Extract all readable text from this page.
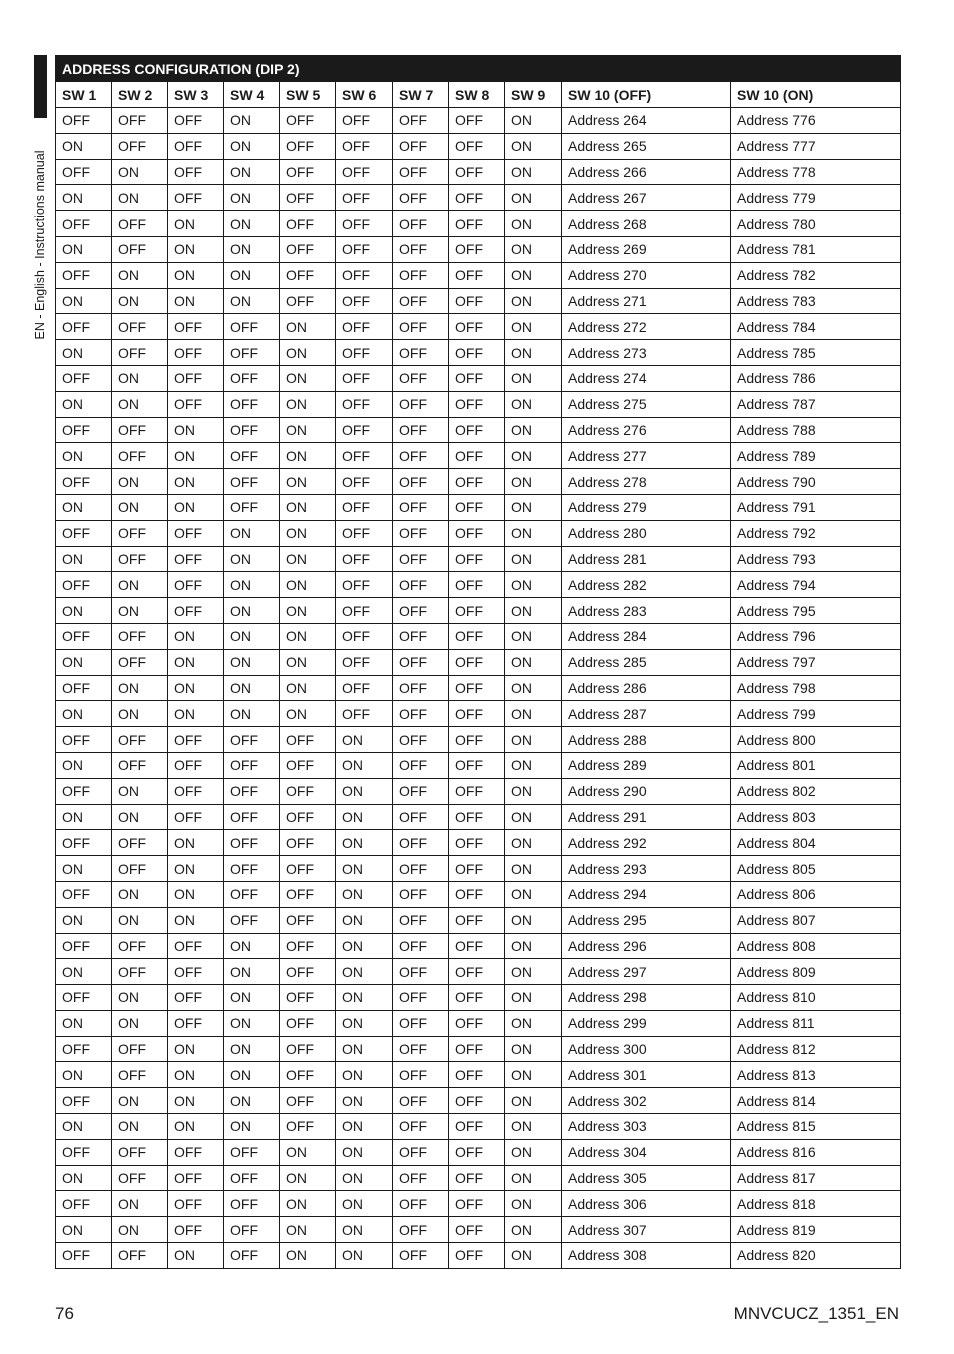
EN - English - Instructions manual
ADDRESS CONFIGURATION (DIP 2)										
SW 1	SW 2	SW 3	SW 4	SW 5	SW 6	SW 7	SW 8	SW 9	SW 10 (OFF)	SW 10 (ON)
OFF	OFF	OFF	ON	OFF	OFF	OFF	OFF	ON	Address 264	Address 776
ON	OFF	OFF	ON	OFF	OFF	OFF	OFF	ON	Address 265	Address 777
OFF	ON	OFF	ON	OFF	OFF	OFF	OFF	ON	Address 266	Address 778
ON	ON	OFF	ON	OFF	OFF	OFF	OFF	ON	Address 267	Address 779
OFF	OFF	ON	ON	OFF	OFF	OFF	OFF	ON	Address 268	Address 780
ON	OFF	ON	ON	OFF	OFF	OFF	OFF	ON	Address 269	Address 781
OFF	ON	ON	ON	OFF	OFF	OFF	OFF	ON	Address 270	Address 782
ON	ON	ON	ON	OFF	OFF	OFF	OFF	ON	Address 271	Address 783
OFF	OFF	OFF	OFF	ON	OFF	OFF	OFF	ON	Address 272	Address 784
ON	OFF	OFF	OFF	ON	OFF	OFF	OFF	ON	Address 273	Address 785
OFF	ON	OFF	OFF	ON	OFF	OFF	OFF	ON	Address 274	Address 786
ON	ON	OFF	OFF	ON	OFF	OFF	OFF	ON	Address 275	Address 787
OFF	OFF	ON	OFF	ON	OFF	OFF	OFF	ON	Address 276	Address 788
ON	OFF	ON	OFF	ON	OFF	OFF	OFF	ON	Address 277	Address 789
OFF	ON	ON	OFF	ON	OFF	OFF	OFF	ON	Address 278	Address 790
ON	ON	ON	OFF	ON	OFF	OFF	OFF	ON	Address 279	Address 791
OFF	OFF	OFF	ON	ON	OFF	OFF	OFF	ON	Address 280	Address 792
ON	OFF	OFF	ON	ON	OFF	OFF	OFF	ON	Address 281	Address 793
OFF	ON	OFF	ON	ON	OFF	OFF	OFF	ON	Address 282	Address 794
ON	ON	OFF	ON	ON	OFF	OFF	OFF	ON	Address 283	Address 795
OFF	OFF	ON	ON	ON	OFF	OFF	OFF	ON	Address 284	Address 796
ON	OFF	ON	ON	ON	OFF	OFF	OFF	ON	Address 285	Address 797
OFF	ON	ON	ON	ON	OFF	OFF	OFF	ON	Address 286	Address 798
ON	ON	ON	ON	ON	OFF	OFF	OFF	ON	Address 287	Address 799
OFF	OFF	OFF	OFF	OFF	ON	OFF	OFF	ON	Address 288	Address 800
ON	OFF	OFF	OFF	OFF	ON	OFF	OFF	ON	Address 289	Address 801
OFF	ON	OFF	OFF	OFF	ON	OFF	OFF	ON	Address 290	Address 802
ON	ON	OFF	OFF	OFF	ON	OFF	OFF	ON	Address 291	Address 803
OFF	OFF	ON	OFF	OFF	ON	OFF	OFF	ON	Address 292	Address 804
ON	OFF	ON	OFF	OFF	ON	OFF	OFF	ON	Address 293	Address 805
OFF	ON	ON	OFF	OFF	ON	OFF	OFF	ON	Address 294	Address 806
ON	ON	ON	OFF	OFF	ON	OFF	OFF	ON	Address 295	Address 807
OFF	OFF	OFF	ON	OFF	ON	OFF	OFF	ON	Address 296	Address 808
ON	OFF	OFF	ON	OFF	ON	OFF	OFF	ON	Address 297	Address 809
OFF	ON	OFF	ON	OFF	ON	OFF	OFF	ON	Address 298	Address 810
ON	ON	OFF	ON	OFF	ON	OFF	OFF	ON	Address 299	Address 811
OFF	OFF	ON	ON	OFF	ON	OFF	OFF	ON	Address 300	Address 812
ON	OFF	ON	ON	OFF	ON	OFF	OFF	ON	Address 301	Address 813
OFF	ON	ON	ON	OFF	ON	OFF	OFF	ON	Address 302	Address 814
ON	ON	ON	ON	OFF	ON	OFF	OFF	ON	Address 303	Address 815
OFF	OFF	OFF	OFF	ON	ON	OFF	OFF	ON	Address 304	Address 816
ON	OFF	OFF	OFF	ON	ON	OFF	OFF	ON	Address 305	Address 817
OFF	ON	OFF	OFF	ON	ON	OFF	OFF	ON	Address 306	Address 818
ON	ON	OFF	OFF	ON	ON	OFF	OFF	ON	Address 307	Address 819
OFF	OFF	ON	OFF	ON	ON	OFF	OFF	ON	Address 308	Address 820
76	MNVCUCZ_1351_EN
